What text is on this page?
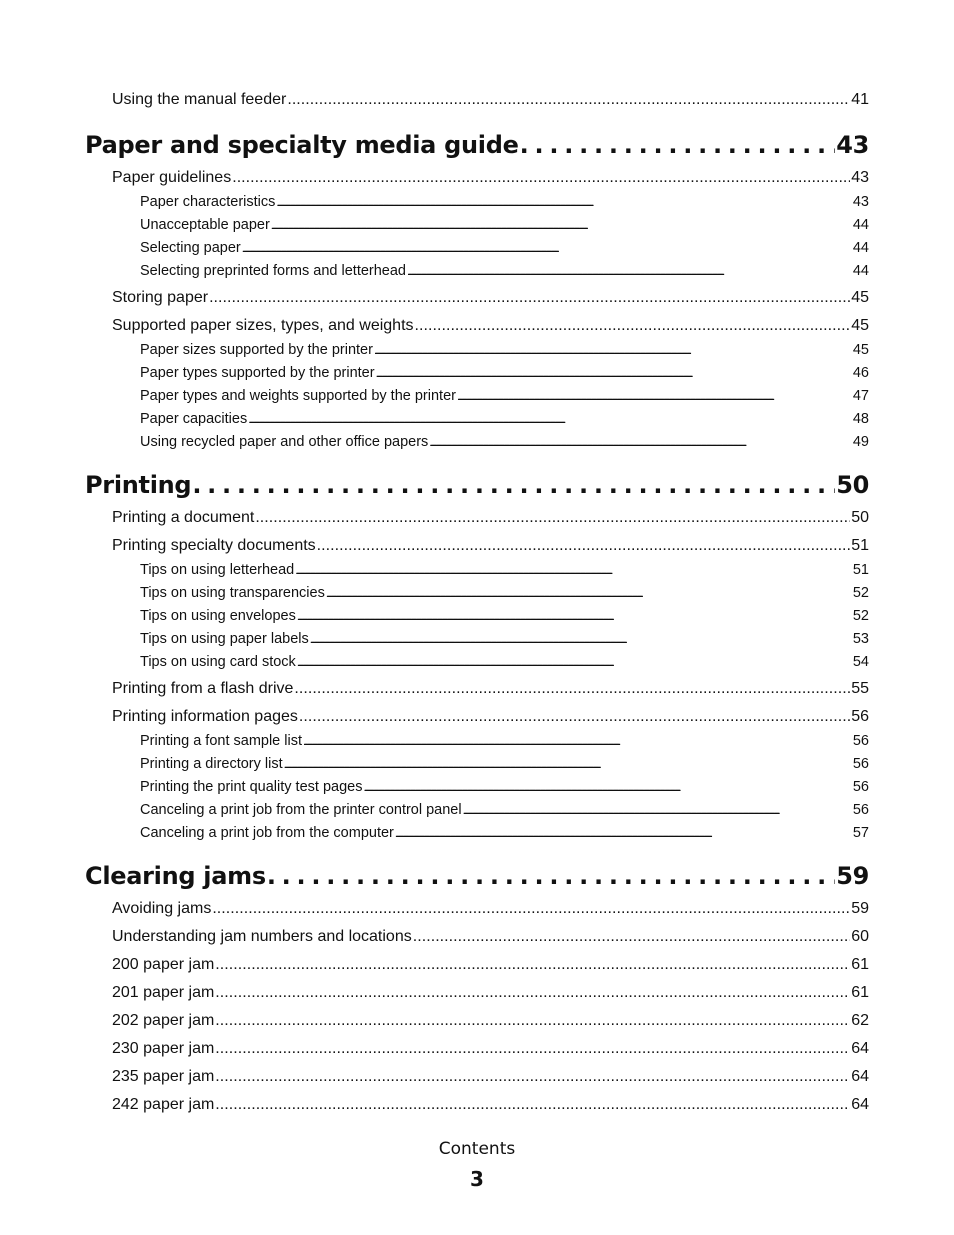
Using the manual feeder . . .	41
Paper and specialty media guide . . .	43
Paper guidelines . . .	43
Paper characteristics . . .	43
Unacceptable paper . . .	44
Selecting paper . . .	44
Selecting preprinted forms and letterhead . . .	44
Storing paper . . .	45
Supported paper sizes, types, and weights . . .	45
Paper sizes supported by the printer . . .	45
Paper types supported by the printer . . .	46
Paper types and weights supported by the printer . . .	47
Paper capacities . . .	48
Using recycled paper and other office papers . . .	49
Printing . . .	50
Printing a document . . .	50
Printing specialty documents . . .	51
Tips on using letterhead . . .	51
Tips on using transparencies . . .	52
Tips on using envelopes . . .	52
Tips on using paper labels . . .	53
Tips on using card stock . . .	54
Printing from a flash drive . . .	55
Printing information pages . . .	56
Printing a font sample list . . .	56
Printing a directory list . . .	56
Printing the print quality test pages . . .	56
Canceling a print job from the printer control panel . . .	56
Canceling a print job from the computer . . .	57
Clearing jams . . .	59
Avoiding jams . . .	59
Understanding jam numbers and locations . . .	60
200 paper jam . . .	61
201 paper jam . . .	61
202 paper jam . . .	62
230 paper jam . . .	64
235 paper jam . . .	64
242 paper jam . . .	64
Contents
3
